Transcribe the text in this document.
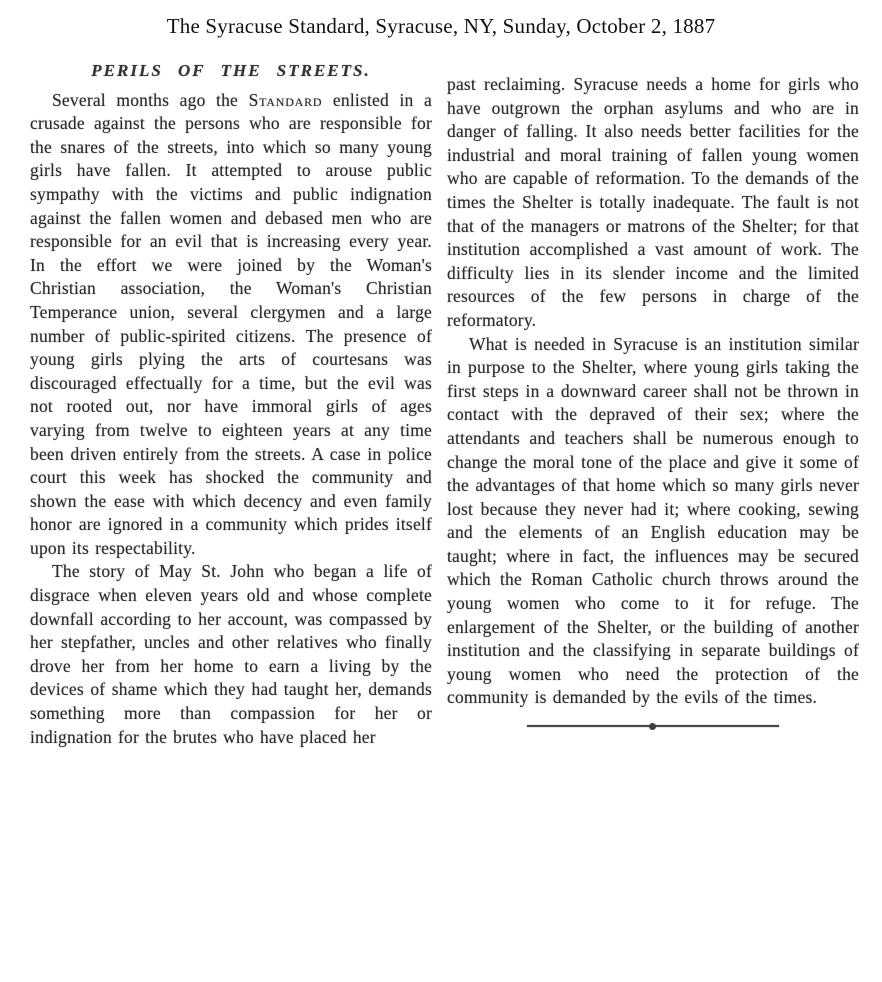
The Syracuse Standard, Syracuse, NY, Sunday, October 2, 1887
PERILS OF THE STREETS.

Several months ago the Standard enlisted in a crusade against the persons who are responsible for the snares of the streets, into which so many young girls have fallen. It attempted to arouse public sympathy with the victims and public indignation against the fallen women and debased men who are responsible for an evil that is increasing every year. In the effort we were joined by the Woman's Christian association, the Woman's Christian Temperance union, several clergymen and a large number of public-spirited citizens. The presence of young girls plying the arts of courtesans was discouraged effectually for a time, but the evil was not rooted out, nor have immoral girls of ages varying from twelve to eighteen years at any time been driven entirely from the streets. A case in police court this week has shocked the community and shown the ease with which decency and even family honor are ignored in a community which prides itself upon its respectability.

The story of May St. John who began a life of disgrace when eleven years old and whose complete downfall according to her account, was compassed by her stepfather, uncles and other relatives who finally drove her from her home to earn a living by the devices of shame which they had taught her, demands something more than compassion for her or indignation for the brutes who have placed her

past reclaiming. Syracuse needs a home for girls who have outgrown the orphan asylums and who are in danger of falling. It also needs better facilities for the industrial and moral training of fallen young women who are capable of reformation. To the demands of the times the Shelter is totally inadequate. The fault is not that of the managers or matrons of the Shelter; for that institution accomplished a vast amount of work. The difficulty lies in its slender income and the limited resources of the few persons in charge of the reformatory.

What is needed in Syracuse is an institution similar in purpose to the Shelter, where young girls taking the first steps in a downward career shall not be thrown in contact with the depraved of their sex; where the attendants and teachers shall be numerous enough to change the moral tone of the place and give it some of the advantages of that home which so many girls never lost because they never had it; where cooking, sewing and the elements of an English education may be taught; where in fact, the influences may be secured which the Roman Catholic church throws around the young women who come to it for refuge. The enlargement of the Shelter, or the building of another institution and the classifying in separate buildings of young women who need the protection of the community is demanded by the evils of the times.
